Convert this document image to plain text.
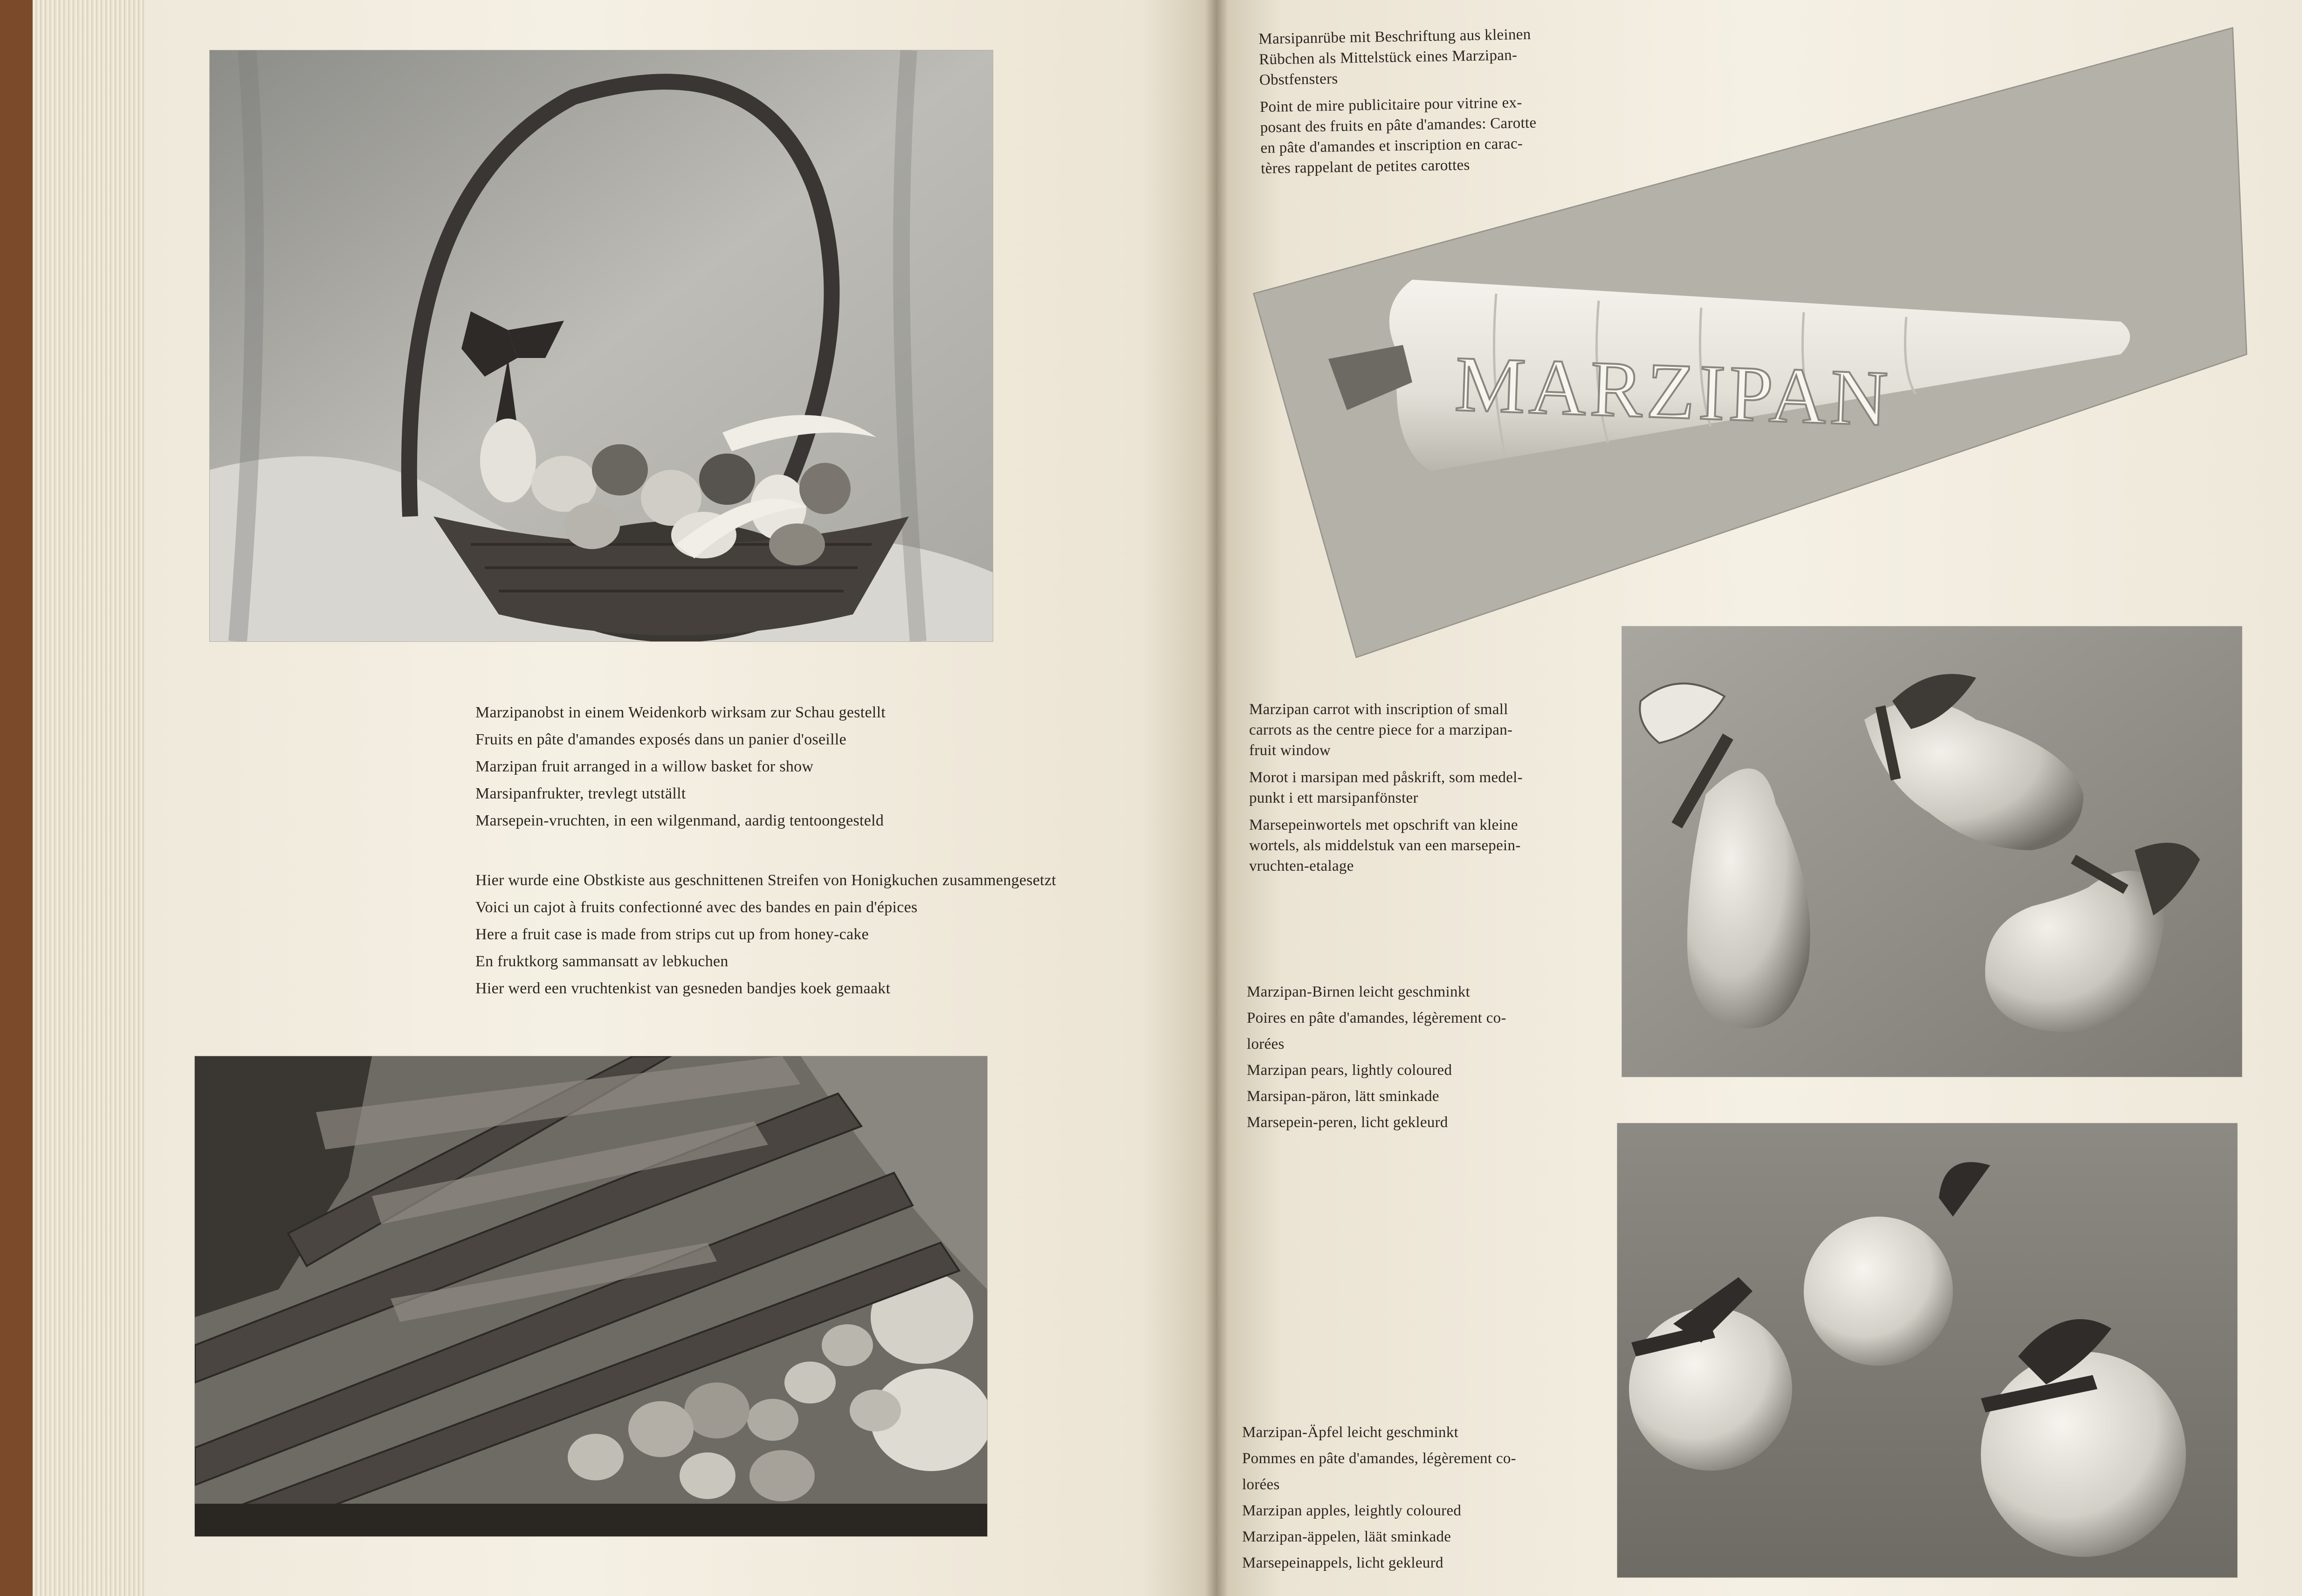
Marzipanobst in einem Weidenkorb wirksam zur Schau gestellt
Fruits en pâte d'amandes exposés dans un panier d'oseille
Marzipan fruit arranged in a willow basket for show
Marsipanfrukter, trevlegt utställt
Marsepein-vruchten, in een wilgenmand, aardig tentoongesteld
Hier wurde eine Obstkiste aus geschnittenen Streifen von Honigkuchen zusammengesetzt
Voici un cajot à fruits confectionné avec des bandes en pain d'épices
Here a fruit case is made from strips cut up from honey-cake
En fruktkorg sammansatt av lebkuchen
Hier werd een vruchtenkist van gesneden bandjes koek gemaakt
Marsipanrübe mit Beschriftung aus kleinen
Rübchen als Mittelstück eines Marzipan-
Obstfensters
Point de mire publicitaire pour vitrine ex-
posant des fruits en pâte d'amandes: Carotte
en pâte d'amandes et inscription en carac-
tères rappelant de petites carottes
MARZIPAN
Marzipan carrot with inscription of small
carrots as the centre piece for a marzipan-
fruit window
Morot i marsipan med påskrift, som medel-
punkt i ett marsipanfönster
Marsepeinwortels met opschrift van kleine
wortels, als middelstuk van een marsepein-
vruchten-etalage
Marzipan-Birnen leicht geschminkt
Poires en pâte d'amandes, légèrement co-
lorées
Marzipan pears, lightly coloured
Marsipan-päron, lätt sminkade
Marsepein-peren, licht gekleurd
Marzipan-Äpfel leicht geschminkt
Pommes en pâte d'amandes, légèrement co-
lorées
Marzipan apples, leightly coloured
Marzipan-äppelen, läät sminkade
Marsepeinappels, licht gekleurd
